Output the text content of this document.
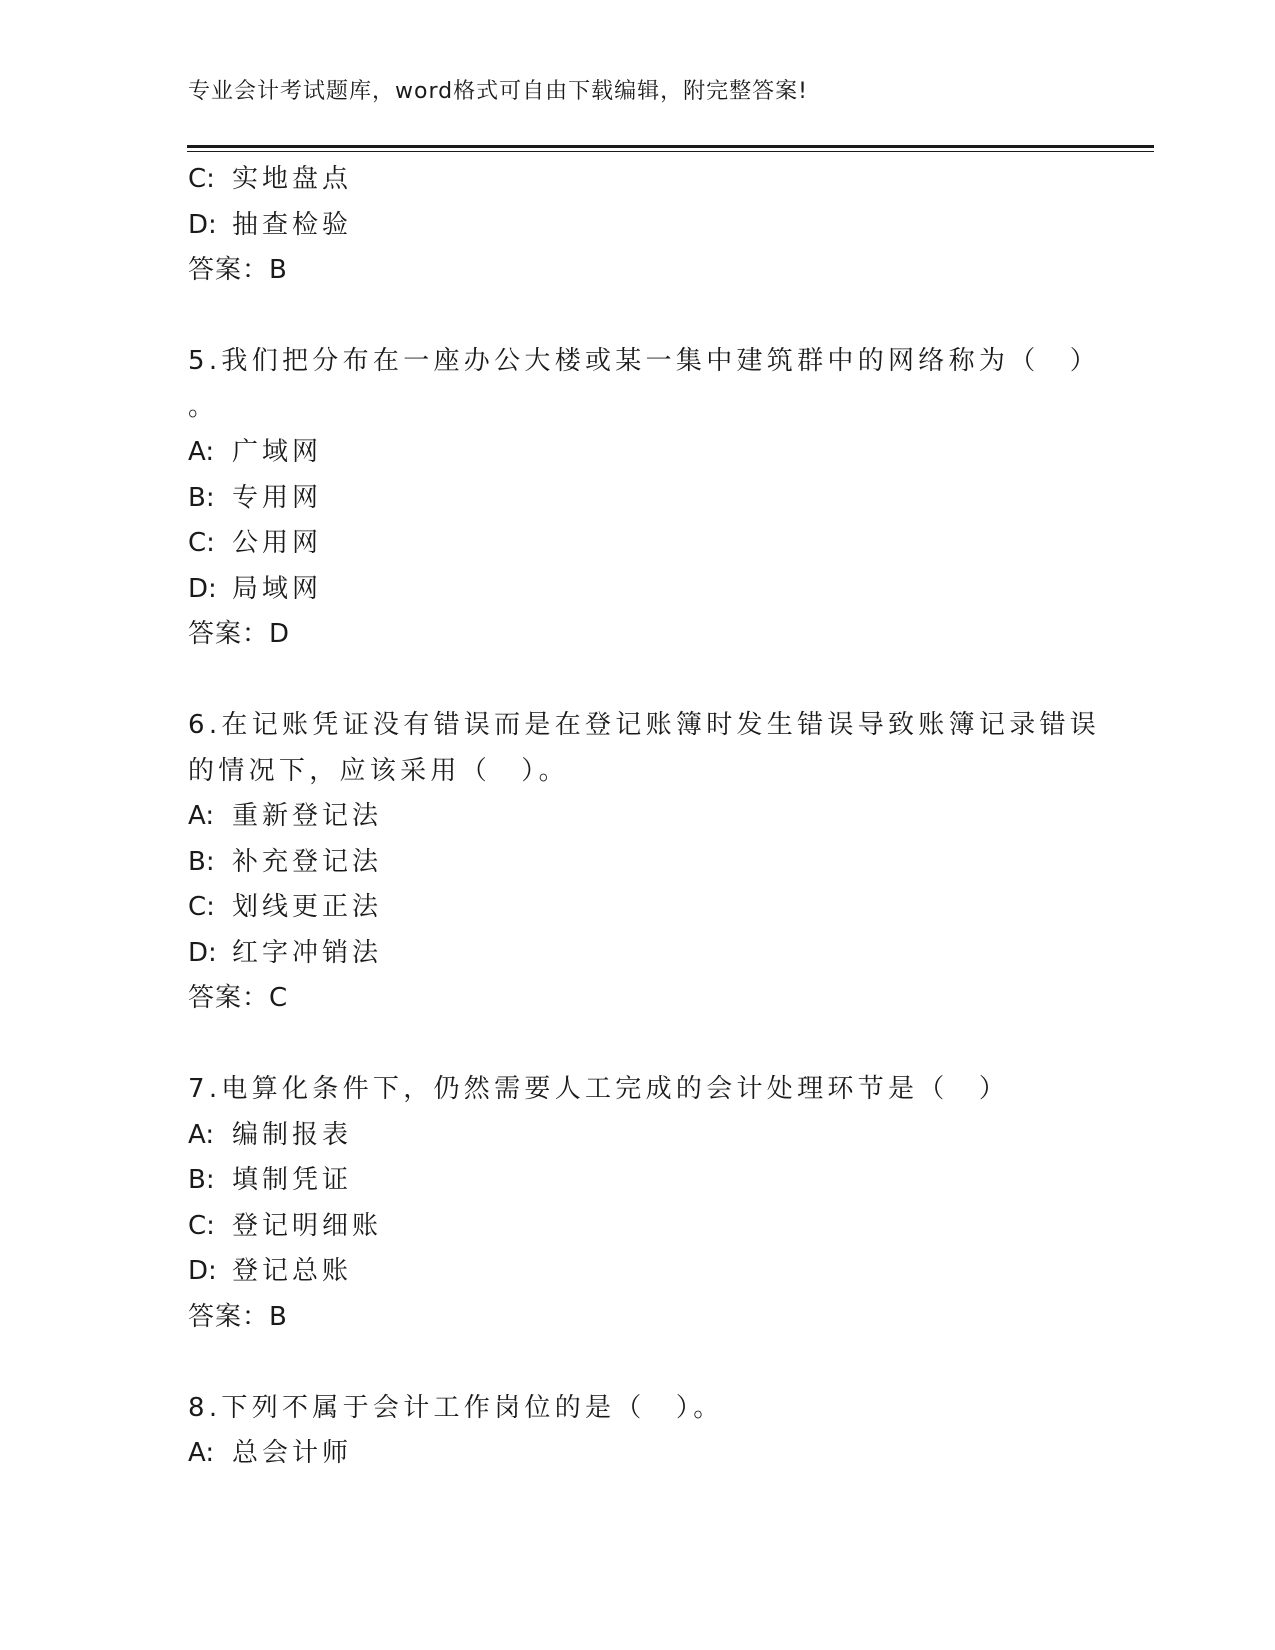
专业会计考试题库，word格式可自由下载编辑，附完整答案!
C: 实地盘点
D: 抽查检验
答案：B
5.我们把分布在一座办公大楼或某一集中建筑群中的网络称为（　）
。
A: 广域网
B: 专用网
C: 公用网
D: 局域网
答案：D
6.在记账凭证没有错误而是在登记账簿时发生错误导致账簿记录错误
的情况下，应该采用（　）。
A: 重新登记法
B: 补充登记法
C: 划线更正法
D: 红字冲销法
答案：C
7.电算化条件下，仍然需要人工完成的会计处理环节是（　）
A: 编制报表
B: 填制凭证
C: 登记明细账
D: 登记总账
答案：B
8.下列不属于会计工作岗位的是（　）。
A: 总会计师
